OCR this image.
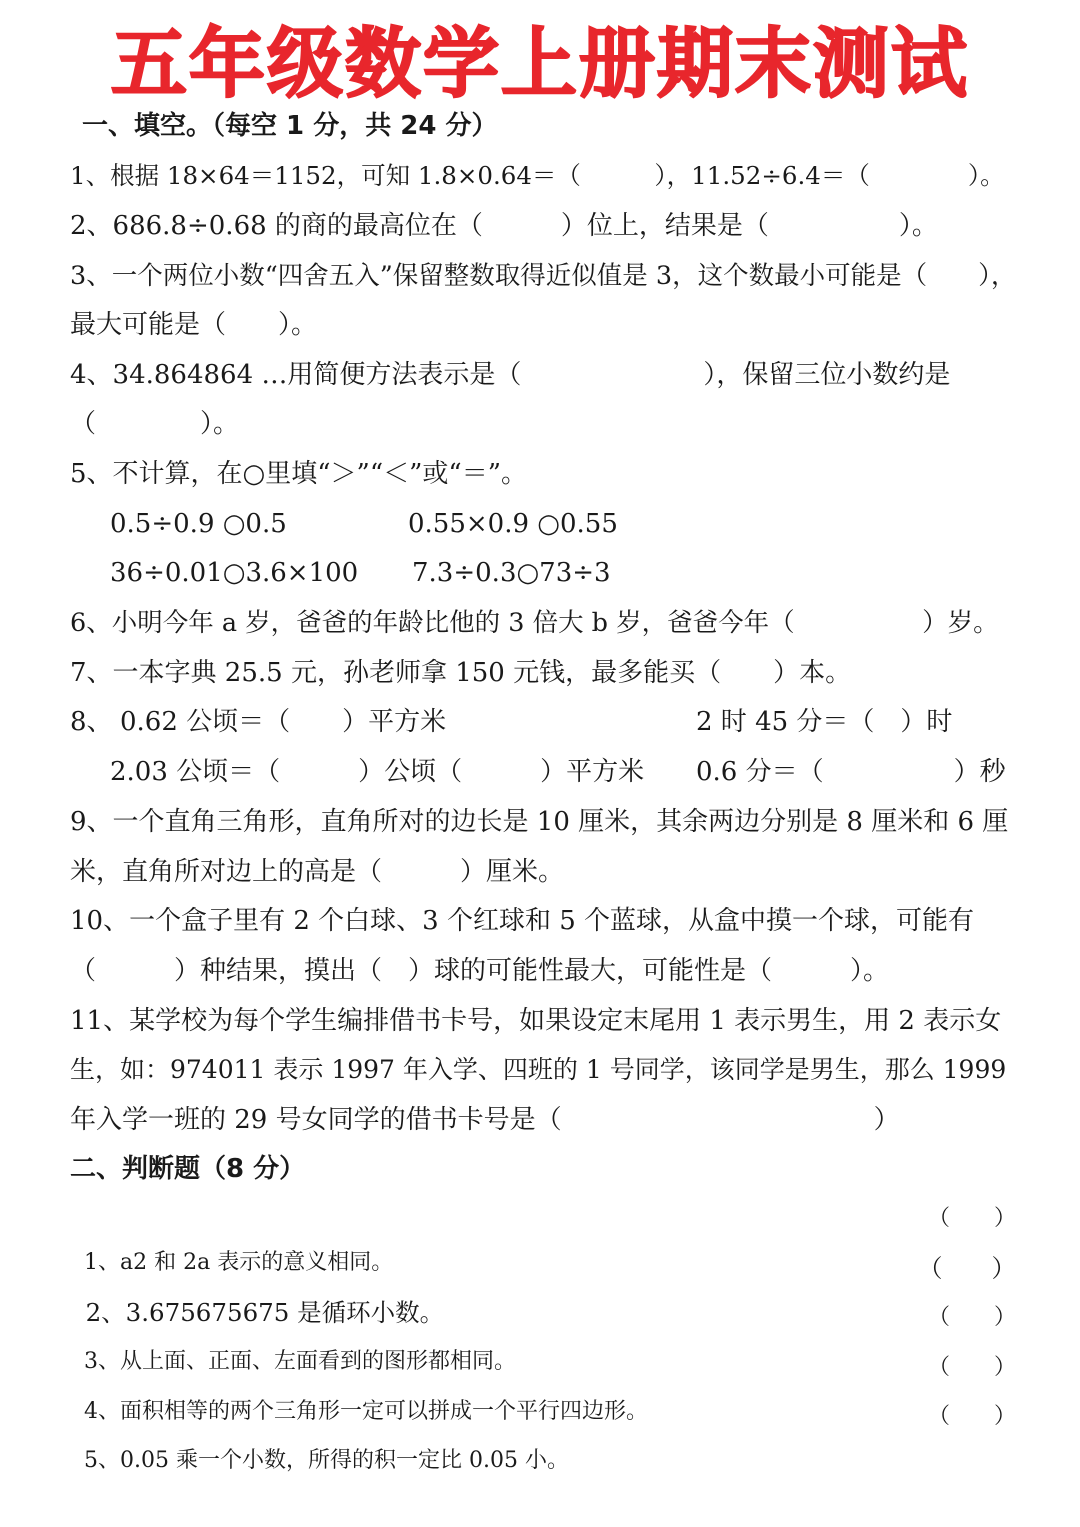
五年级数学上册期末测试
一、填空。（每空 1 分，共 24 分）
1、根据 18×64＝1152，可知 1.8×0.64＝（　　　），11.52÷6.4＝（　　　　）。
2、686.8÷0.68 的商的最高位在（　　　）位上，结果是（　　　　　）。
3、一个两位小数“四舍五入”保留整数取得近似值是 3，这个数最小可能是（　　），
最大可能是（　　）。
4、34.864864 …用简便方法表示是（　　　　　　　），保留三位小数约是
（　　　　）。
5、不计算，在○里填“＞”“＜”或“＝”。

0.5÷0.9 ○0.5

	0.55×0.9 ○0.55

36÷0.01○3.6×100

7.3÷0.3○73÷3

6、小明今年 a 岁，爸爸的年龄比他的 3 倍大 b 岁，爸爸今年（　　　　　）岁。
7、一本字典 25.5 元，孙老师拿 150 元钱，最多能买（　　）本。

8、

0.62 公顷＝（　　）平方米

	2 时 45 分＝（　）时

2.03 公顷＝（　　　）公顷（　　　）平方米

0.6 分＝（　　　　　）秒

9、一个直角三角形，直角所对的边长是 10 厘米，其余两边分别是 8 厘米和 6 厘
米，直角所对边上的高是（　　　）厘米。
10、一个盒子里有 2 个白球、3 个红球和 5 个蓝球，从盒中摸一个球，可能有
（　　　）种结果，摸出（　）球的可能性最大，可能性是（　　　）。
11、某学校为每个学生编排借书卡号，如果设定末尾用 1 表示男生，用 2 表示女
生，如：974011 表示 1997 年入学、四班的 1 号同学，该同学是男生，那么 1999
年入学一班的 29 号女同学的借书卡号是（　　　　　　　　　　　　）
二、判断题（8 分）

1、a2 和 2a 表示的意义相同。

（　　）

2、3.675675675 是循环小数。

（　　）

3、从上面、正面、左面看到的图形都相同。

（　　）

4、面积相等的两个三角形一定可以拼成一个平行四边形。

（　　）

5、0.05 乘一个小数，所得的积一定比 0.05 小。

（　　）
